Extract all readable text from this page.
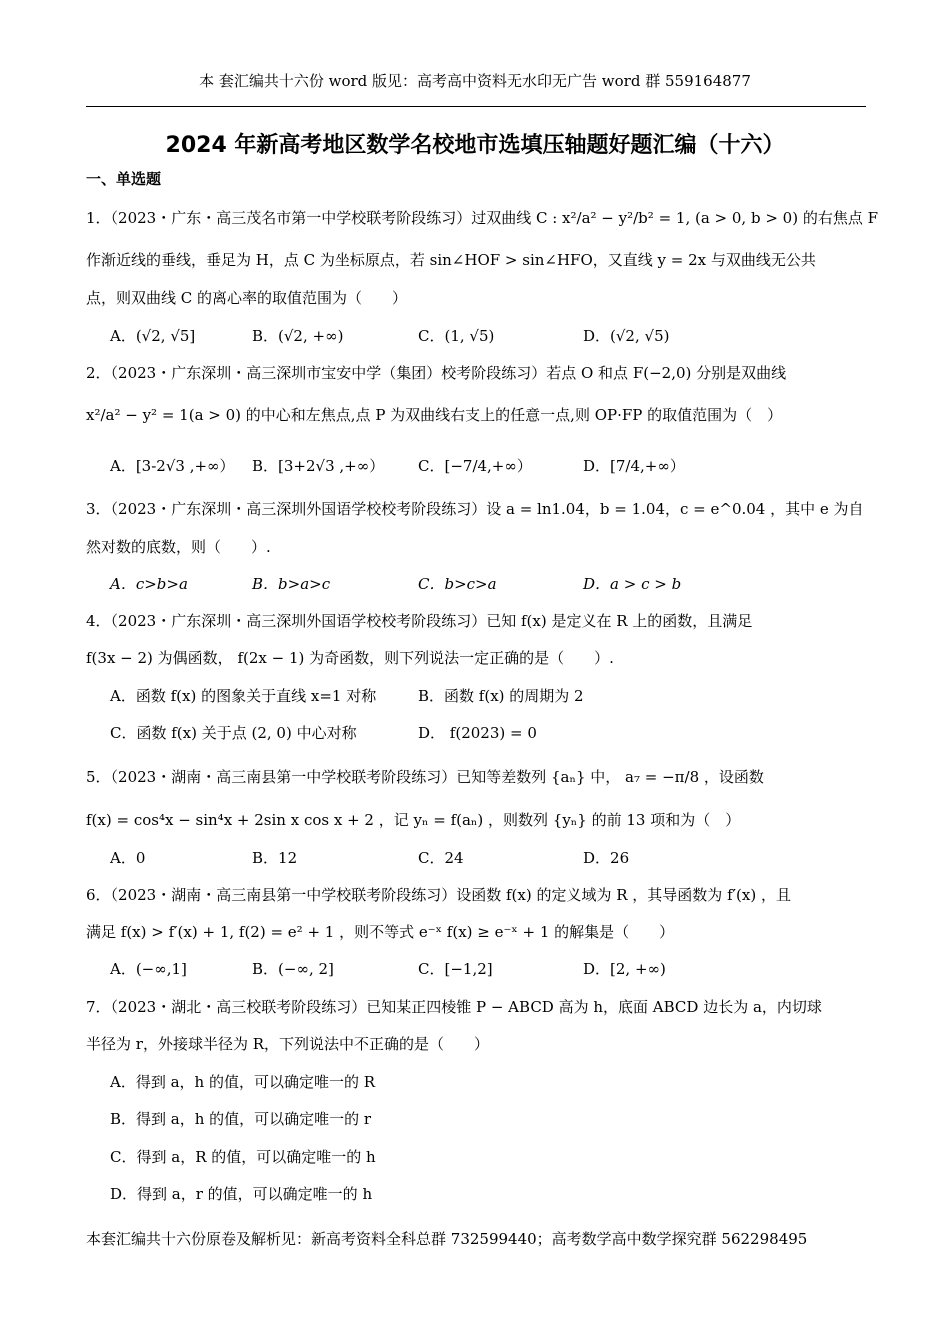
本 套汇编共十六份 word 版见：高考高中资料无水印无广告 word 群 559164877
2024 年新高考地区数学名校地市选填压轴题好题汇编（十六）
一、单选题
1．（2023・广东・高三茂名市第一中学校联考阶段练习）过双曲线 C : x²/a² − y²/b² = 1, (a > 0, b > 0) 的右焦点 F
作渐近线的垂线，垂足为 H，点 C 为坐标原点，若 sin∠HOF > sin∠HFO，又直线 y = 2x 与双曲线无公共
点，则双曲线 C 的离心率的取值范围为（　　）
A．(√2, √5]	B．(√2, +∞)	C．(1, √5)	D．(√2, √5)
2．（2023・广东深圳・高三深圳市宝安中学（集团）校考阶段练习）若点 O 和点 F(−2,0) 分别是双曲线
x²/a² − y² = 1(a > 0) 的中心和左焦点,点 P 为双曲线右支上的任意一点,则 OP·FP 的取值范围为（　）
A．[3-2√3 ,+∞） B．[3+2√3 ,+∞） C．[−7/4,+∞）	D．[7/4,+∞）
3．（2023・广东深圳・高三深圳外国语学校校考阶段练习）设 a = ln1.04，b = 1.04，c = e^0.04 ，其中 e 为自
然对数的底数，则（　　）.
A．c>b>a	B．b>a>c	C．b>c>a	D．a > c > b
4．（2023・广东深圳・高三深圳外国语学校校考阶段练习）已知 f(x) 是定义在 R 上的函数，且满足
f(3x − 2) 为偶函数， f(2x − 1) 为奇函数，则下列说法一定正确的是（　　）.
A．函数 f(x) 的图象关于直线 x=1 对称	B．函数 f(x) 的周期为 2
C．函数 f(x) 关于点 (2, 0) 中心对称	D． f(2023) = 0
5．（2023・湖南・高三南县第一中学校联考阶段练习）已知等差数列 {aₙ} 中， a₇ = −π/8 ，设函数
f(x) = cos⁴x − sin⁴x + 2sin x cos x + 2 ，记 yₙ = f(aₙ) ，则数列 {yₙ} 的前 13 项和为（　）
A．0	B．12	C．24	D．26
6．（2023・湖南・高三南县第一中学校联考阶段练习）设函数 f(x) 的定义域为 R ，其导函数为 f′(x) ，且
满足 f(x) > f′(x) + 1, f(2) = e² + 1 ，则不等式 e⁻ˣ f(x) ≥ e⁻ˣ + 1 的解集是（　　）
A．(−∞,1]	B．(−∞, 2]	C．[−1,2]	D．[2, +∞)
7．（2023・湖北・高三校联考阶段练习）已知某正四棱锥 P − ABCD 高为 h，底面 ABCD 边长为 a，内切球
半径为 r，外接球半径为 R，下列说法中不正确的是（　　）
A．得到 a，h 的值，可以确定唯一的 R
B．得到 a，h 的值，可以确定唯一的 r
C．得到 a，R 的值，可以确定唯一的 h
D．得到 a，r 的值，可以确定唯一的 h
本套汇编共十六份原卷及解析见：新高考资料全科总群 732599440；高考数学高中数学探究群 562298495
